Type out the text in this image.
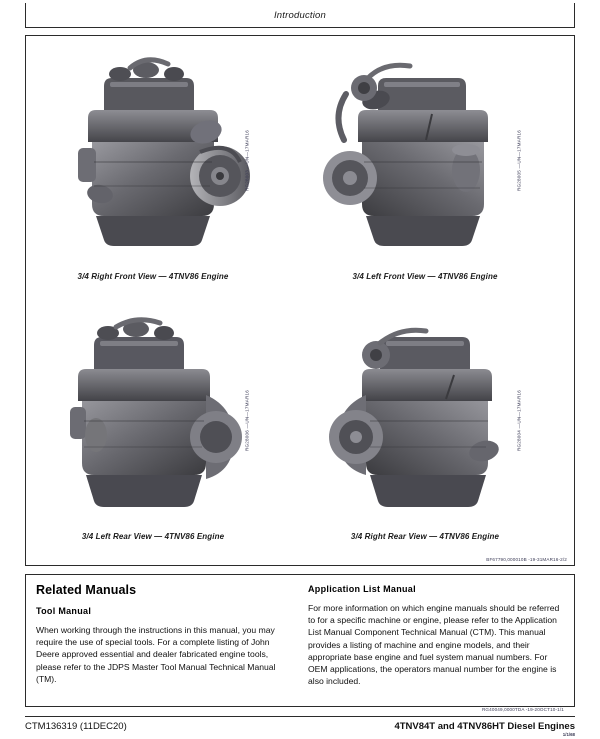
Introduction
3/4 Right Front View — 4TNV86 Engine
RG28003 —UN—17MAR16
3/4 Left Front View — 4TNV86 Engine
RG28005 —UN—17MAR16
3/4 Left Rear View — 4TNV86 Engine
RG28006 —UN—17MAR16
3/4 Right Rear View — 4TNV86 Engine
RG28004 —UN—17MAR16
BF67790,000010B -19-31MAR16-2/2
Related Manuals
Tool Manual

When working through the instructions in this manual, you may require the use of special tools. For a complete listing of John Deere approved essential and dealer fabricated engine tools, please refer to the JDPS Master Tool Manual Technical Manual (TM).

Application List Manual

For more information on which engine manuals should be referred to for a specific machine or engine, please refer to the Application List Manual Component Technical Manual (CTM). This manual provides a listing of machine and engine models, and their appropriate base engine and fuel system manual numbers. For OEM applications, the operators manual number for the engine is also included.

RG40049,0000TDA -19-20OCT10-1/1
CTM136319 (11DEC20)	4TNV84T and 4TNV86HT Diesel Engines
1/1/68
